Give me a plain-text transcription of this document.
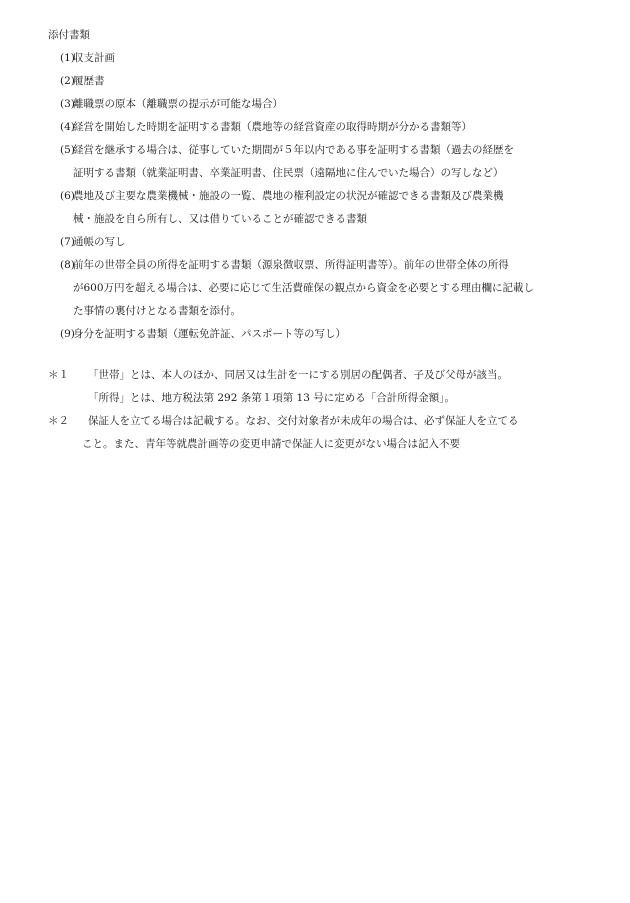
添付書類
(1)
収支計画
(2)
履歴書
(3)
離職票の原本（離職票の提示が可能な場合）
(4)
経営を開始した時期を証明する書類（農地等の経営資産の取得時期が分かる書類等）
(5)
経営を継承する場合は、従事していた期間が５年以内である事を証明する書類（過去の経歴を
証明する書類（就業証明書、卒業証明書、住民票（遠隔地に住んでいた場合）の写しなど）
(6)
農地及び主要な農業機械・施設の一覧、農地の権利設定の状況が確認できる書類及び農業機
械・施設を自ら所有し、又は借りていることが確認できる書類
(7)
通帳の写し
(8)
前年の世帯全員の所得を証明する書類（源泉徴収票、所得証明書等）。前年の世帯全体の所得
が600万円を超える場合は、必要に応じて生活費確保の観点から資金を必要とする理由欄に記載し
た事情の裏付けとなる書類を添付。
(9)
身分を証明する書類（運転免許証、パスポート等の写し）
＊１ 「世帯」とは、本人のほか、同居又は生計を一にする別居の配偶者、子及び父母が該当。
「所得」とは、地方税法第 292 条第１項第 13 号に定める「合計所得金額」。
＊２ 保証人を立てる場合は記載する。なお、交付対象者が未成年の場合は、必ず保証人を立てる
こと。また、青年等就農計画等の変更申請で保証人に変更がない場合は記入不要
